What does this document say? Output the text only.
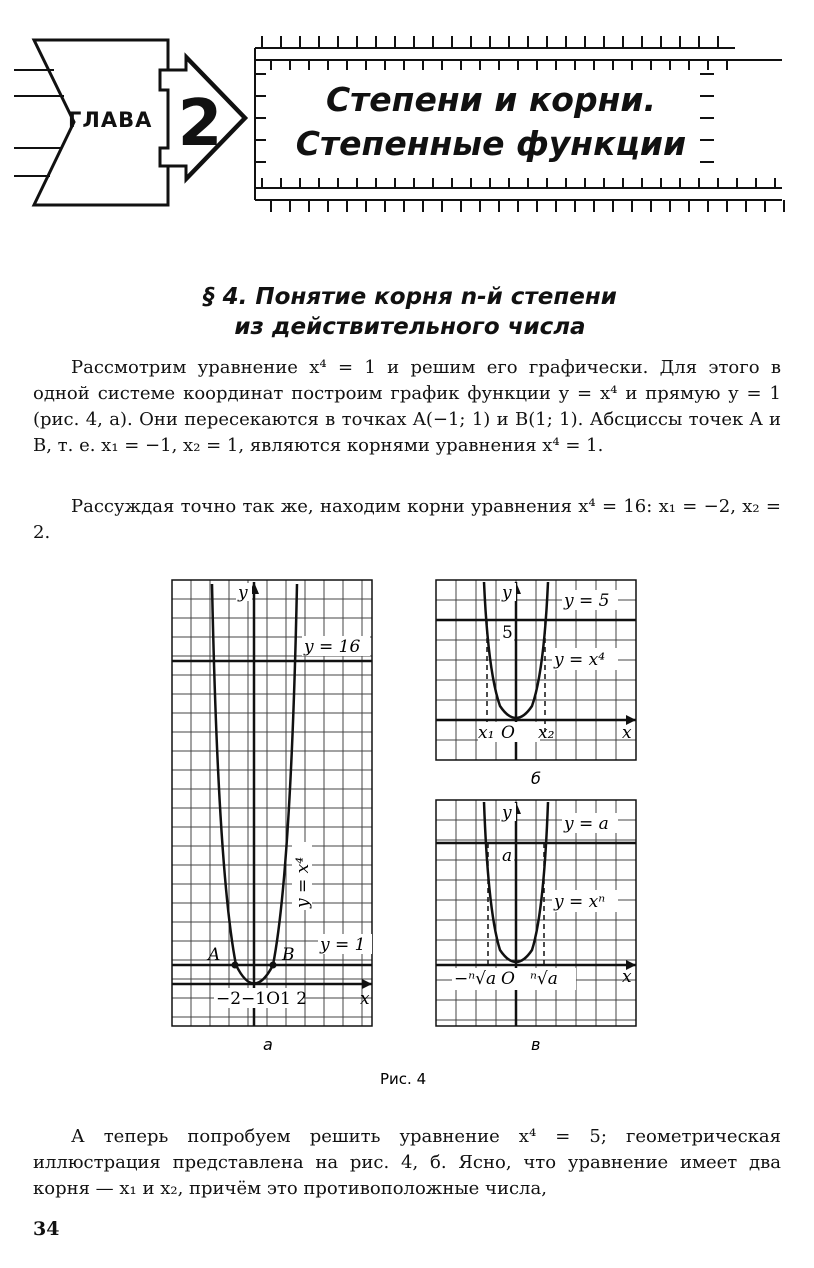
ГЛАВА 2	Степени и корни.
Степенные функции
§ 4. Понятие корня n-й степени
из действительного числа

Рассмотрим уравнение x⁴ = 1 и решим его графически. Для этого в одной системе координат построим график функции y = x⁴ и прямую y = 1 (рис. 4, а). Они пересекаются в точках A(−1; 1) и B(1; 1). Абсциссы точек A и B, т. е. x₁ = −1, x₂ = 1, являются корнями уравнения x⁴ = 1.

Рассуждая точно так же, находим корни уравнения x⁴ = 16: x₁ = −2, x₂ = 2.

y
x
y = 16
y = 1
y = x⁴
A	B
−2−1O1 2
а
y
x
y = 5
5
y = x⁴
x₁ O x₂
б
y
x
y = a
a
y = xⁿ
−ⁿ√a O ⁿ√a
в
Рис. 4

А теперь попробуем решить уравнение x⁴ = 5; геометрическая иллюстрация представлена на рис. 4, б. Ясно, что уравнение имеет два корня — x₁ и x₂, причём это противоположные числа,

34
